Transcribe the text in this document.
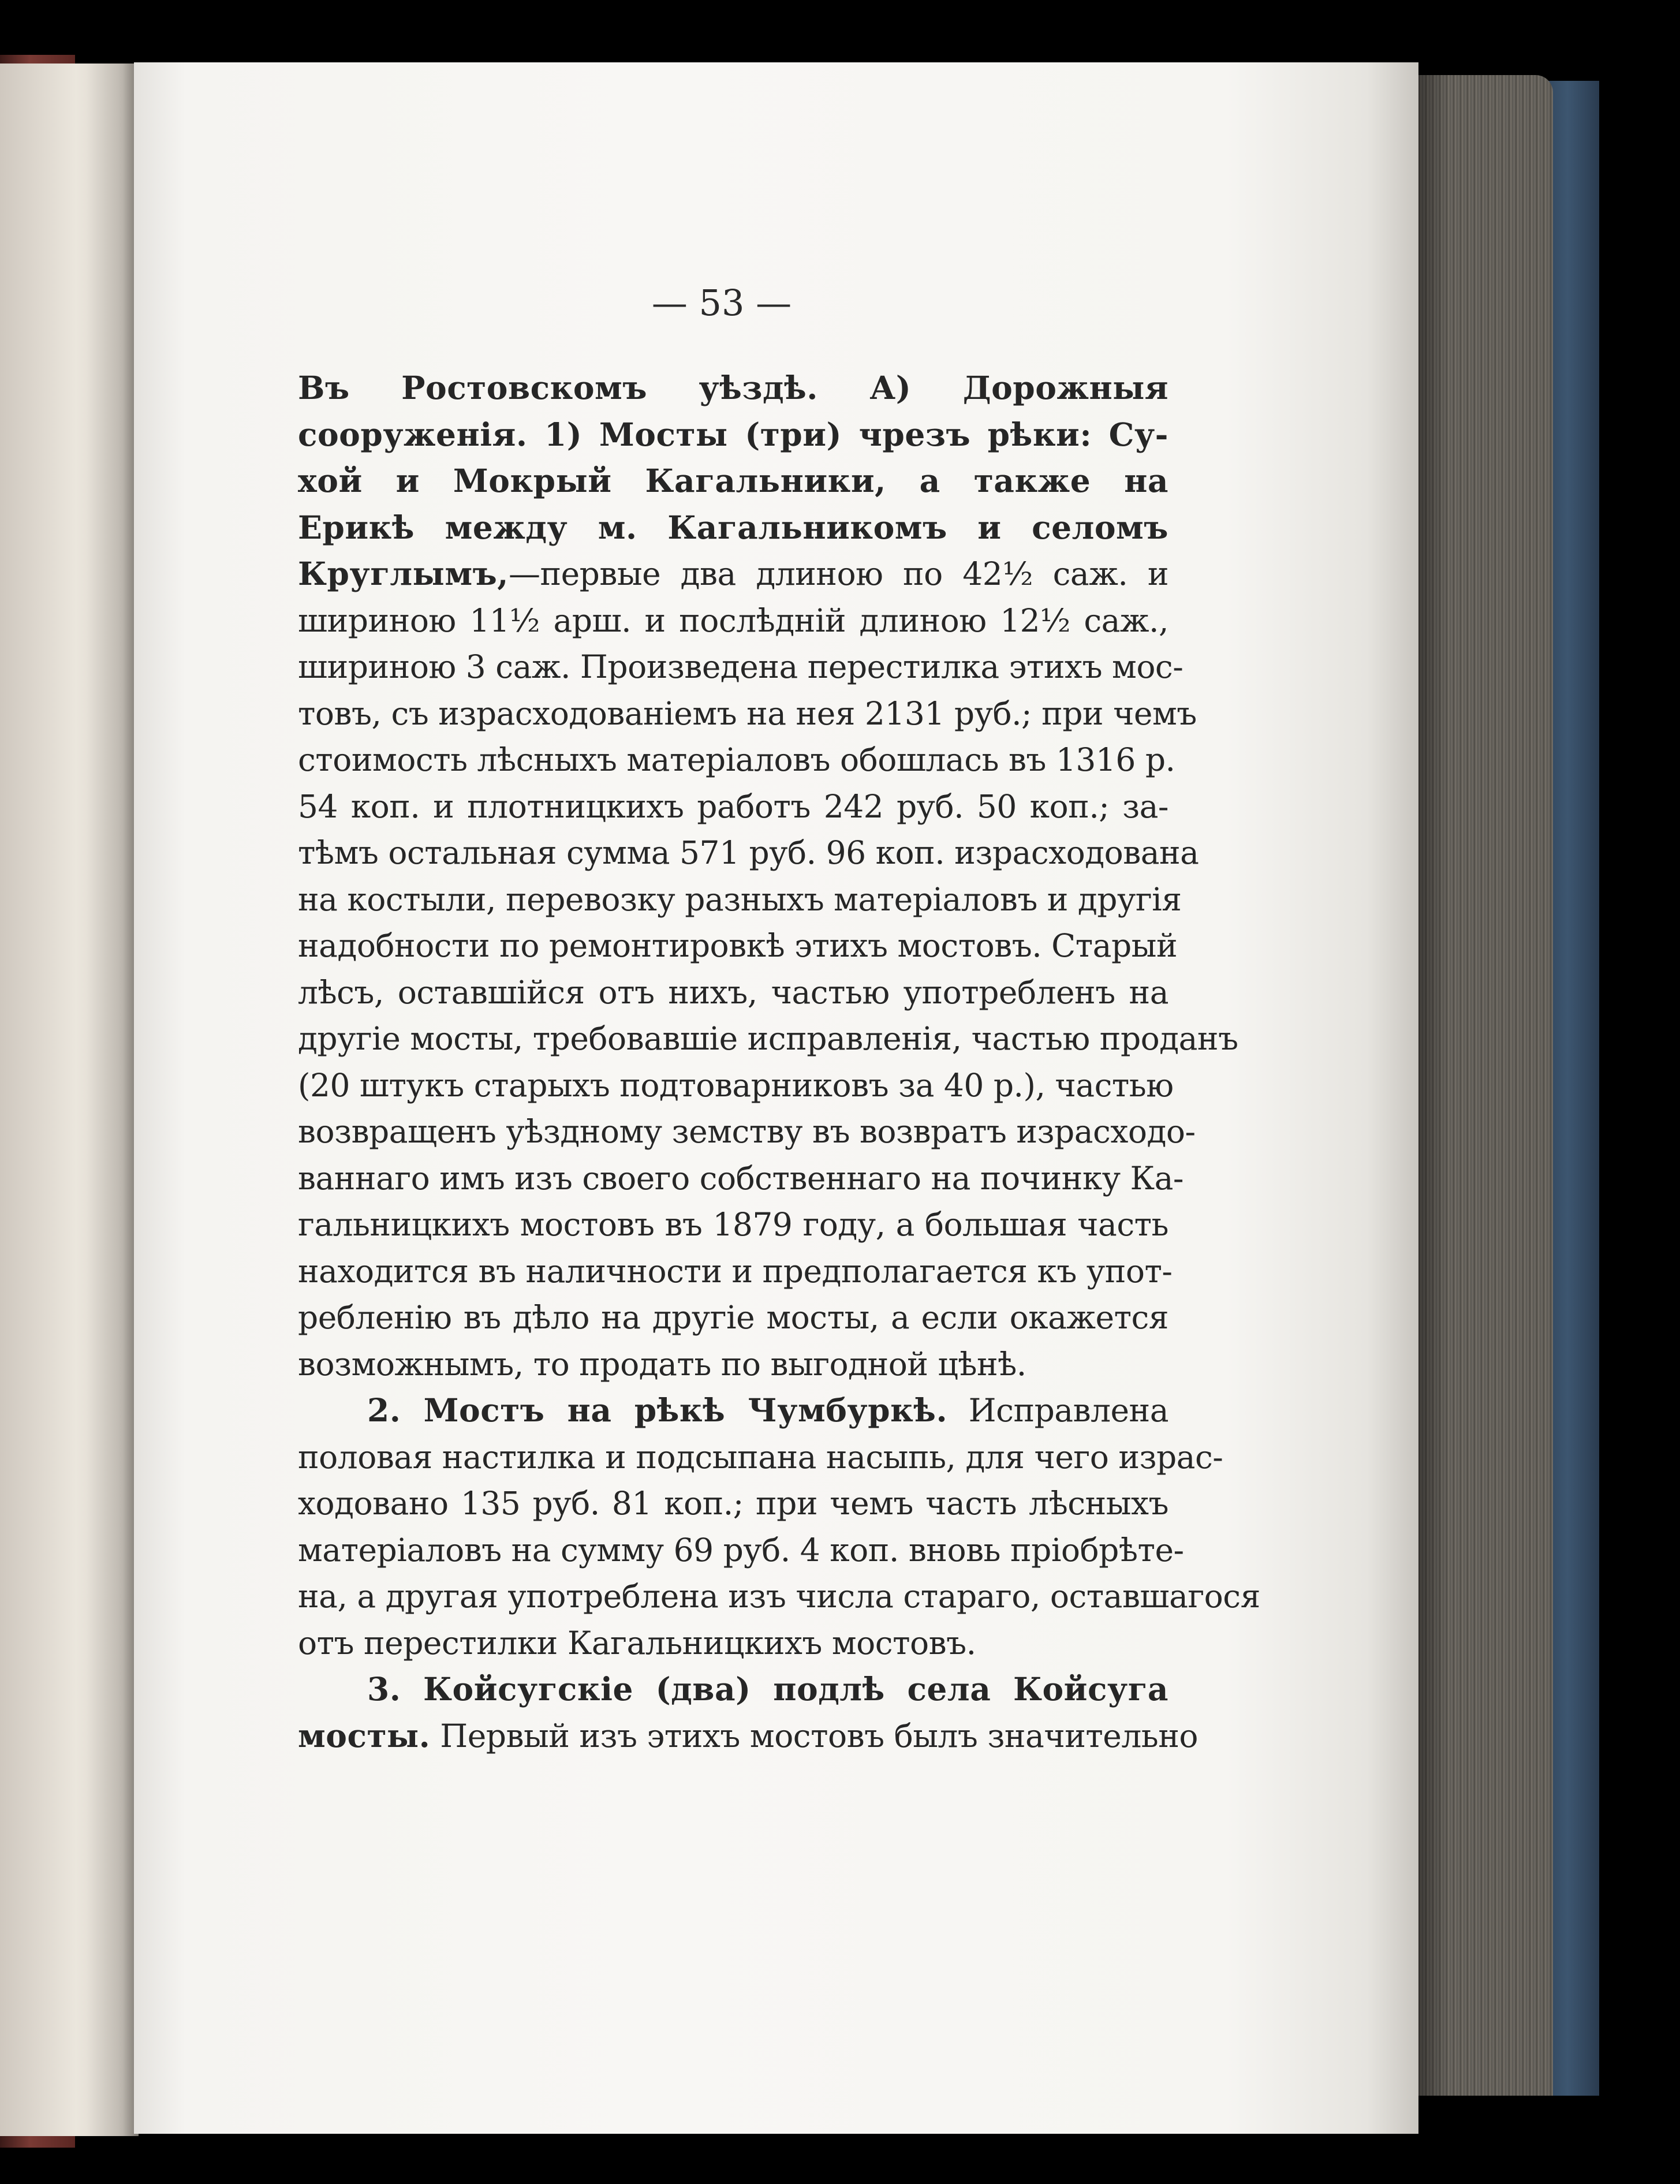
— 53 —
Въ Ростовскомъ уѣздѣ. А) Дорожныя
сооруженія. 1) Мосты (три) чрезъ рѣки: Су-
хой и Мокрый Кагальники, а также на
Ерикѣ между м. Кагальникомъ и селомъ
Круглымъ,—первые два длиною по 42½ саж. и
шириною 11½ арш. и послѣдній длиною 12½ саж.,
шириною 3 саж. Произведена перестилка этихъ мос-
товъ, съ израсходованіемъ на нея 2131 руб.; при чемъ
стоимость лѣсныхъ матеріаловъ обошлась въ 1316 р.
54 коп. и плотницкихъ работъ 242 руб. 50 коп.; за-
тѣмъ остальная сумма 571 руб. 96 коп. израсходована
на костыли, перевозку разныхъ матеріаловъ и другія
надобности по ремонтировкѣ этихъ мостовъ. Старый
лѣсъ, оставшійся отъ нихъ, частью употребленъ на
другіе мосты, требовавшіе исправленія, частью проданъ
(20 штукъ старыхъ подтоварниковъ за 40 р.), частью
возвращенъ уѣздному земству въ возвратъ израсходо-
ваннаго имъ изъ своего собственнаго на починку Ка-
гальницкихъ мостовъ въ 1879 году, а большая часть
находится въ наличности и предполагается къ упот-
ребленію въ дѣло на другіе мосты, а если окажется
возможнымъ, то продать по выгодной цѣнѣ.
2. Мостъ на рѣкѣ Чумбуркѣ. Исправлена
половая настилка и подсыпана насыпь, для чего израс-
ходовано 135 руб. 81 коп.; при чемъ часть лѣсныхъ
матеріаловъ на сумму 69 руб. 4 коп. вновь пріобрѣте-
на, а другая употреблена изъ числа стараго, оставшагося
отъ перестилки Кагальницкихъ мостовъ.
3. Койсугскіе (два) подлѣ села Койсуга
мосты. Первый изъ этихъ мостовъ былъ значительно
